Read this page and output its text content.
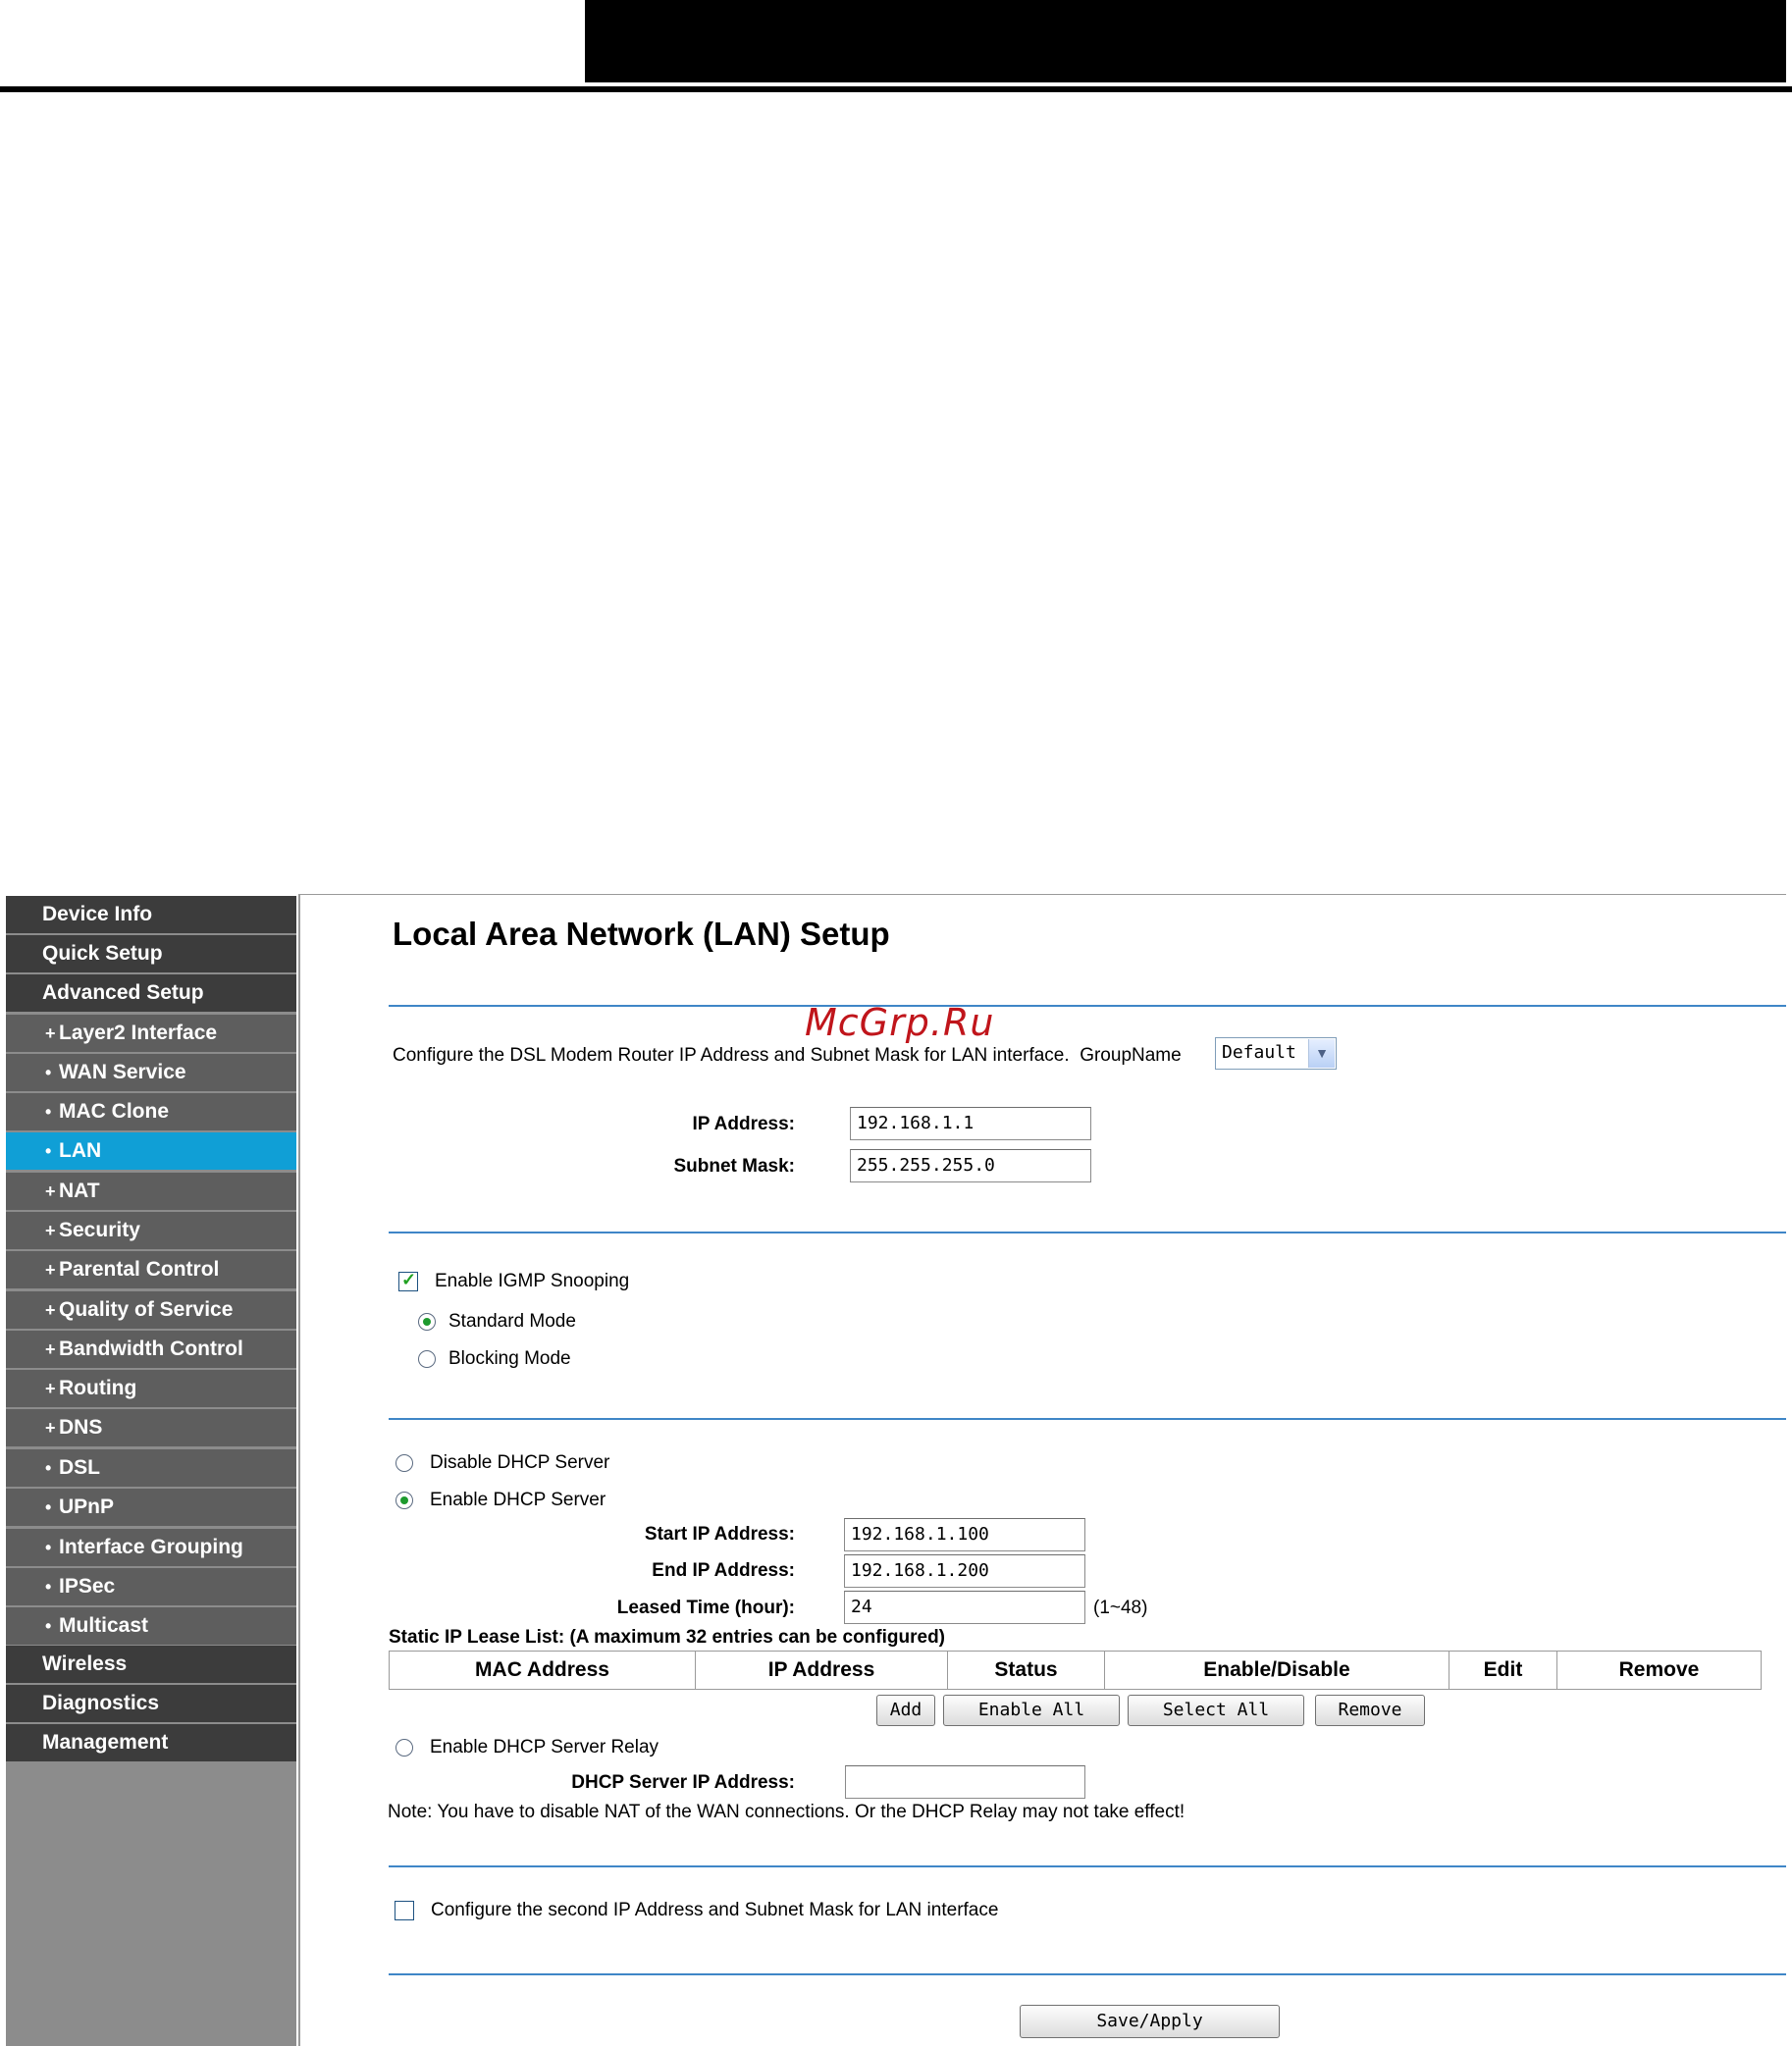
Device Info
Quick Setup
Advanced Setup
+ Layer2 Interface
• WAN Service
• MAC Clone
• LAN
+ NAT
+ Security
+ Parental Control
+ Quality of Service
+ Bandwidth Control
+ Routing
+ DNS
• DSL
• UPnP
• Interface Grouping
• IPSec
• Multicast
Wireless
Diagnostics
Management
Local Area Network (LAN) Setup
McGrp.Ru
Configure the DSL Modem Router IP Address and Subnet Mask for LAN interface. GroupName Default	▼
IP Address:	192.168.1.1
Subnet Mask:	255.255.255.0
✓ Enable IGMP Snooping
Standard Mode
Blocking Mode
Disable DHCP Server
Enable DHCP Server
Start IP Address:	192.168.1.100
End IP Address:	192.168.1.200
Leased Time (hour):	24	(1~48)
Static IP Lease List: (A maximum 32 entries can be configured)
MAC Address	IP Address	Status	Enable/Disable	Edit	Remove
Add	Enable All	Select All	Remove
Enable DHCP Server Relay
DHCP Server IP Address:
Note: You have to disable NAT of the WAN connections. Or the DHCP Relay may not take effect!
Configure the second IP Address and Subnet Mask for LAN interface
Save/Apply
